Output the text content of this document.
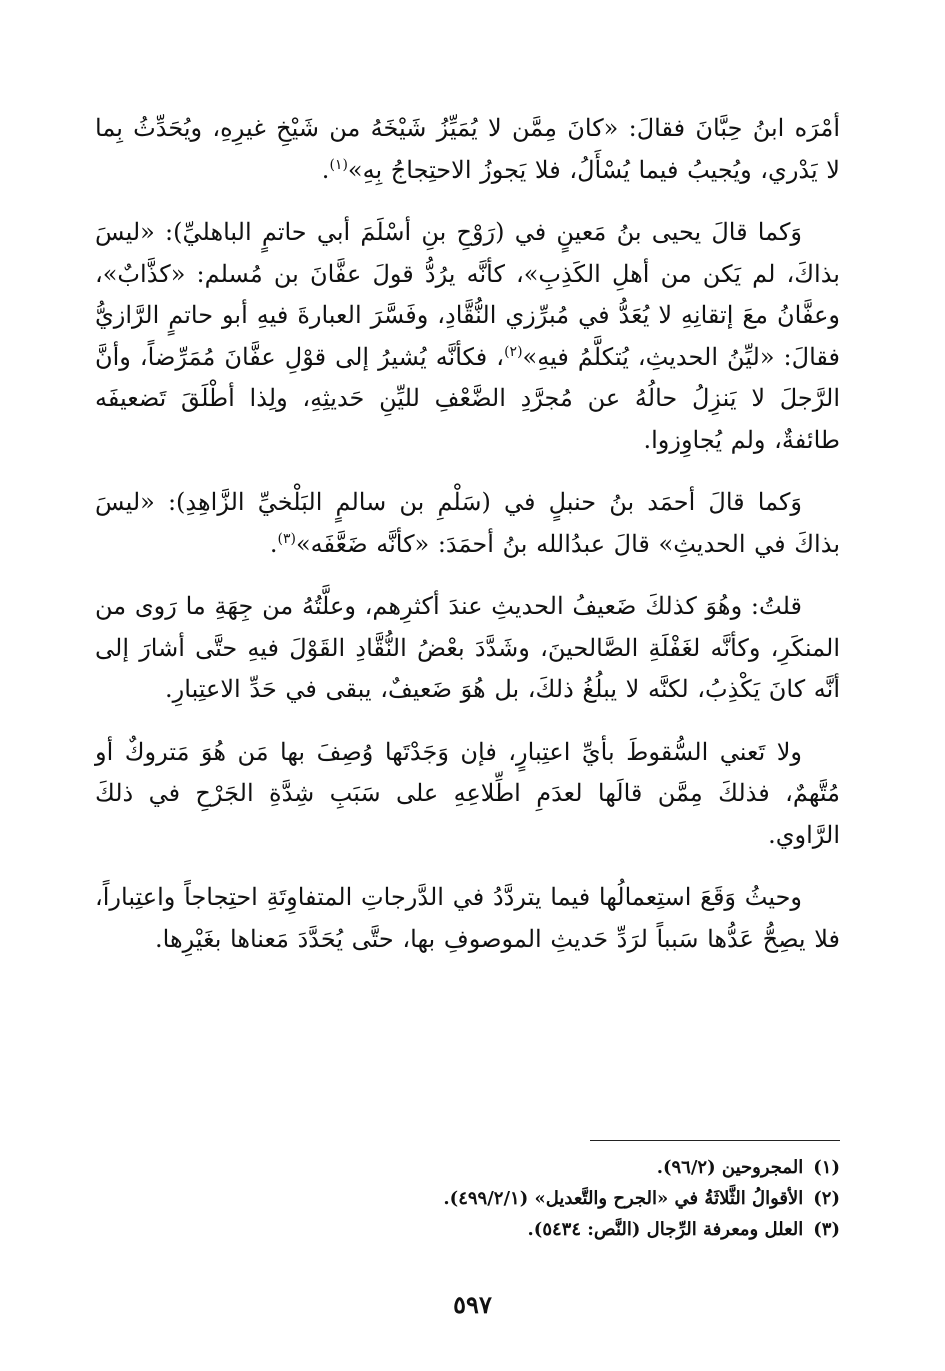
أمْرَه ابنُ حِبَّانَ فقالَ: «كانَ مِمَّن لا يُمَيِّزُ شَيْخَهُ من شَيْخِ غيرِهِ، ويُحَدِّثُ بِما لا يَدْري، ويُجيبُ فيما يُسْأَلُ، فلا يَجوزُ الاحتِجاجُ بِهِ»$^{(١)}$.

وَكما قالَ يحيى بنُ مَعينٍ في (رَوْحِ بنِ أسْلَمَ أبي حاتمٍ الباهليِّ): «ليسَ بذاكَ، لم يَكن من أهلِ الكَذِبِ»، كأنَّه يرُدُّ قولَ عفَّانَ بن مُسلم: «كذَّابٌ»، وعفَّانُ معَ إتقانِهِ لا يُعَدُّ في مُبرِّزي النُّقَّادِ، وفَسَّرَ العبارةَ فيهِ أبو حاتمٍ الرَّازيُّ فقالَ: «ليِّنُ الحديثِ، يُتكلَّمُ فيهِ»$^{(٢)}$، فكأنَّه يُشيرُ إلى قوْلِ عفَّانَ مُمَرِّضاً، وأنَّ الرَّجلَ لا يَنزِلُ حالُهُ عن مُجرَّدِ الضَّعْفِ لليِّنِ حَديثِهِ، ولِذا أطْلَقَ تَضعيفَه طائفةٌ، ولم يُجاوِزوا.

وَكما قالَ أحمَد بنُ حنبلٍ في (سَلْمِ بن سالمٍ البَلْخيِّ الزَّاهِدِ): «ليسَ بذاكَ في الحديثِ» قالَ عبدُالله بنُ أحمَدَ: «كأنَّه ضَعَّفَه»$^{(٣)}$.

قلتُ: وهُوَ كذلكَ ضَعيفُ الحديثِ عندَ أكثرِهم، وعلَّتُهُ من جِهَةِ ما رَوى من المنكَرِ، وكأنَّه لغَفْلَةِ الصَّالحينَ، وشَدَّدَ بعْضُ النُّقَّادِ القَوْلَ فيهِ حتَّى أشارَ إلى أنَّه كانَ يَكْذِبُ، لكنَّه لا يبلُغُ ذلكَ، بل هُوَ ضَعيفٌ، يبقى في حَدِّ الاعتِبارِ.

ولا تَعني السُّقوطَ بأيِّ اعتِبارٍ، فإن وَجَدْتَها وُصِفَ بها مَن هُوَ مَتروكٌ أو مُتَّهمٌ، فذلكَ مِمَّن قالَها لعدَمِ اطِّلاعِهِ على سَبَبِ شِدَّةِ الجَرْحِ في ذلكَ الرَّاوي.

وحيثُ وَقَعَ استِعمالُها فيما يتردَّدُ في الدَّرجاتِ المتفاوِتَةِ احتِجاجاً واعتِباراً، فلا يصِحُّ عَدُّها سَبباً لرَدِّ حَديثِ الموصوفِ بها، حتَّى يُحَدَّدَ مَعناها بغَيْرِها.

(١)المجروحين (٩٦/٢).
(٢)الأقوالُ الثَّلاثَةُ في «الجرح والتَّعديل» (٤٩٩/٢/١).
(٣)العلل ومعرفة الرِّجال (النَّص: ٥٤٣٤).
٥٩٧
